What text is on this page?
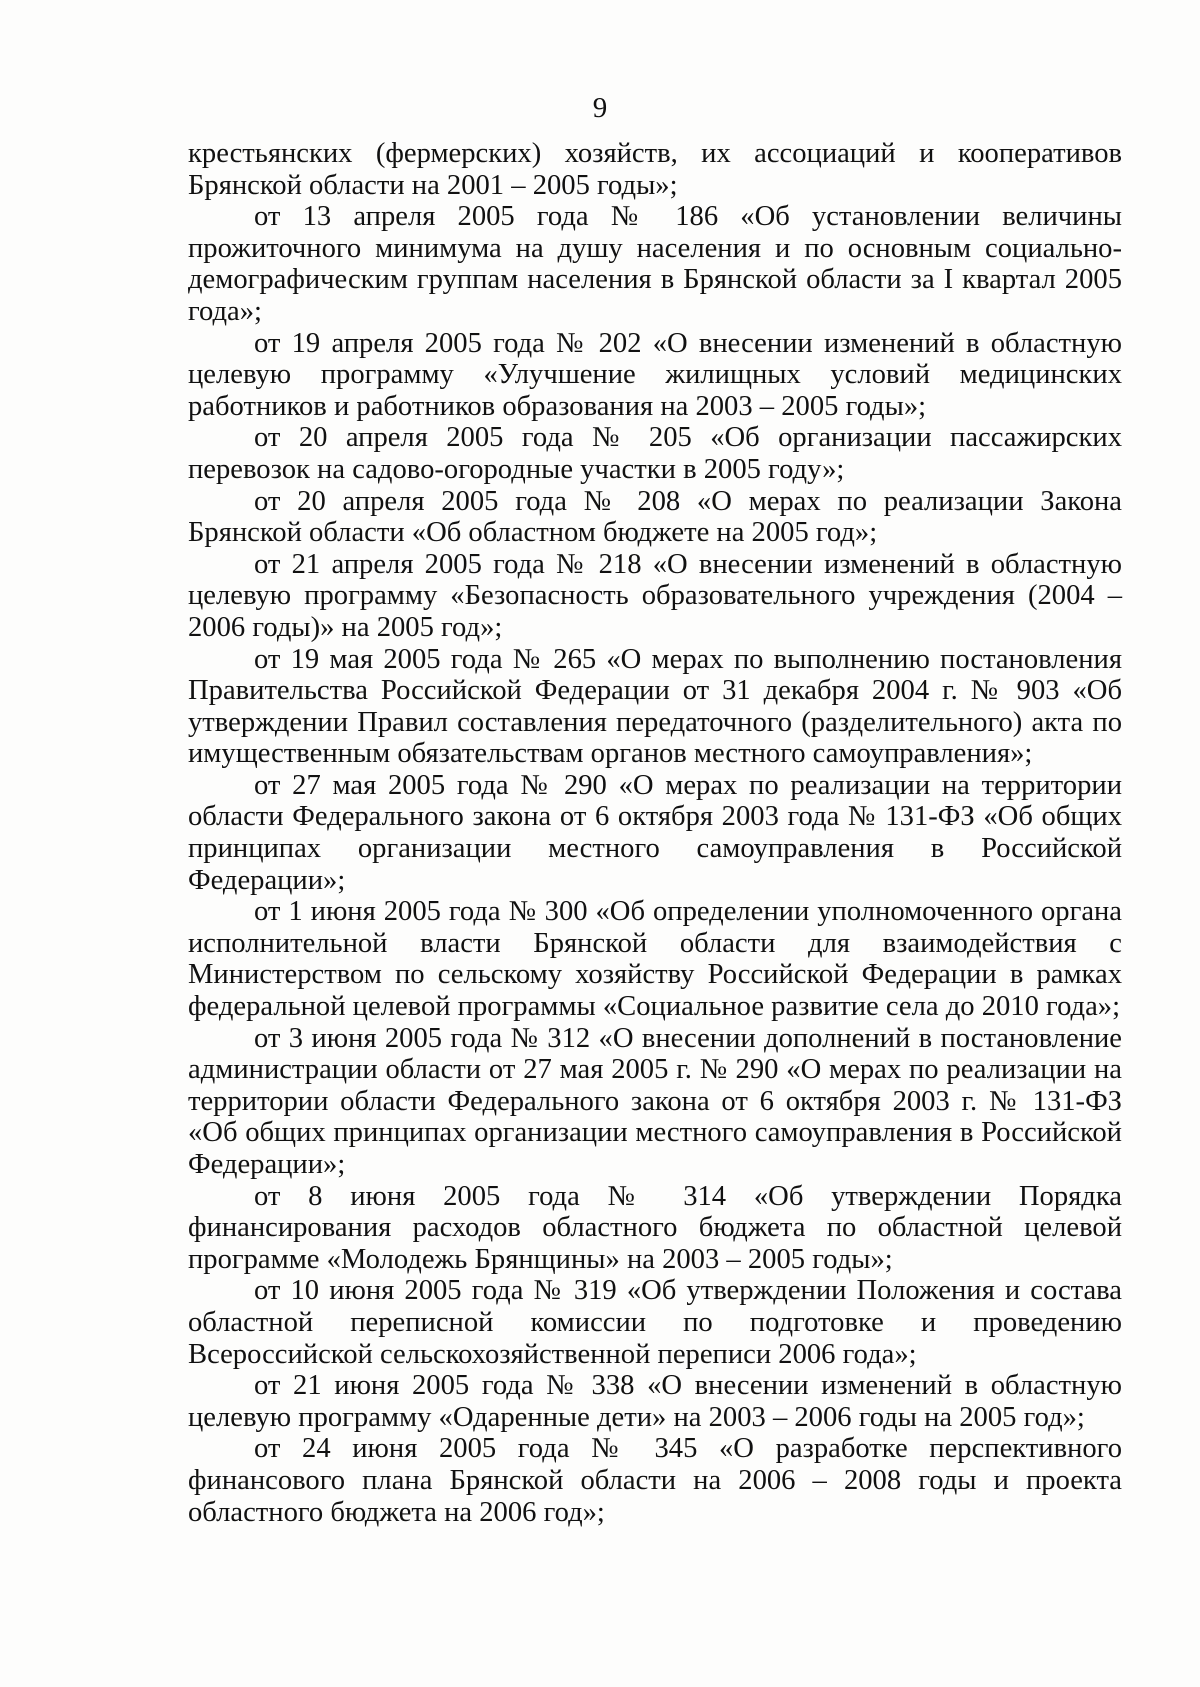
9

крестьянских (фермерских) хозяйств, их ассоциаций и кооперативов Брянской области на 2001 – 2005 годы»;

от 13 апреля 2005 года № 186 «Об установлении величины прожиточного минимума на душу населения и по основным социально-демографическим группам населения в Брянской области за I квартал 2005 года»;

от 19 апреля 2005 года № 202 «О внесении изменений в областную целевую программу «Улучшение жилищных условий медицинских работников и работников образования на 2003 – 2005 годы»;

от 20 апреля 2005 года № 205 «Об организации пассажирских перевозок на садово-огородные участки в 2005 году»;

от 20 апреля 2005 года № 208 «О мерах по реализации Закона Брянской области «Об областном бюджете на 2005 год»;

от 21 апреля 2005 года № 218 «О внесении изменений в областную целевую программу «Безопасность образовательного учреждения (2004 – 2006 годы)» на 2005 год»;

от 19 мая 2005 года № 265 «О мерах по выполнению постановления Правительства Российской Федерации от 31 декабря 2004 г. № 903 «Об утверждении Правил составления передаточного (разделительного) акта по имущественным обязательствам органов местного самоуправления»;

от 27 мая 2005 года № 290 «О мерах по реализации на территории области Федерального закона от 6 октября 2003 года № 131-ФЗ «Об общих принципах организации местного самоуправления в Российской Федерации»;

от 1 июня 2005 года № 300 «Об определении уполномоченного органа исполнительной власти Брянской области для взаимодействия с Министерством по сельскому хозяйству Российской Федерации в рамках федеральной целевой программы «Социальное развитие села до 2010 года»;

от 3 июня 2005 года № 312 «О внесении дополнений в постановление администрации области от 27 мая 2005 г. № 290 «О мерах по реализации на территории области Федерального закона от 6 октября 2003 г. № 131-ФЗ «Об общих принципах организации местного самоуправления в Российской Федерации»;

от 8 июня 2005 года № 314 «Об утверждении Порядка финансирования расходов областного бюджета по областной целевой программе «Молодежь Брянщины» на 2003 – 2005 годы»;

от 10 июня 2005 года № 319 «Об утверждении Положения и состава областной переписной комиссии по подготовке и проведению Всероссийской сельскохозяйственной переписи 2006 года»;

от 21 июня 2005 года № 338 «О внесении изменений в областную целевую программу «Одаренные дети» на 2003 – 2006 годы на 2005 год»;

от 24 июня 2005 года № 345 «О разработке перспективного финансового плана Брянской области на 2006 – 2008 годы и проекта областного бюджета на 2006 год»;
